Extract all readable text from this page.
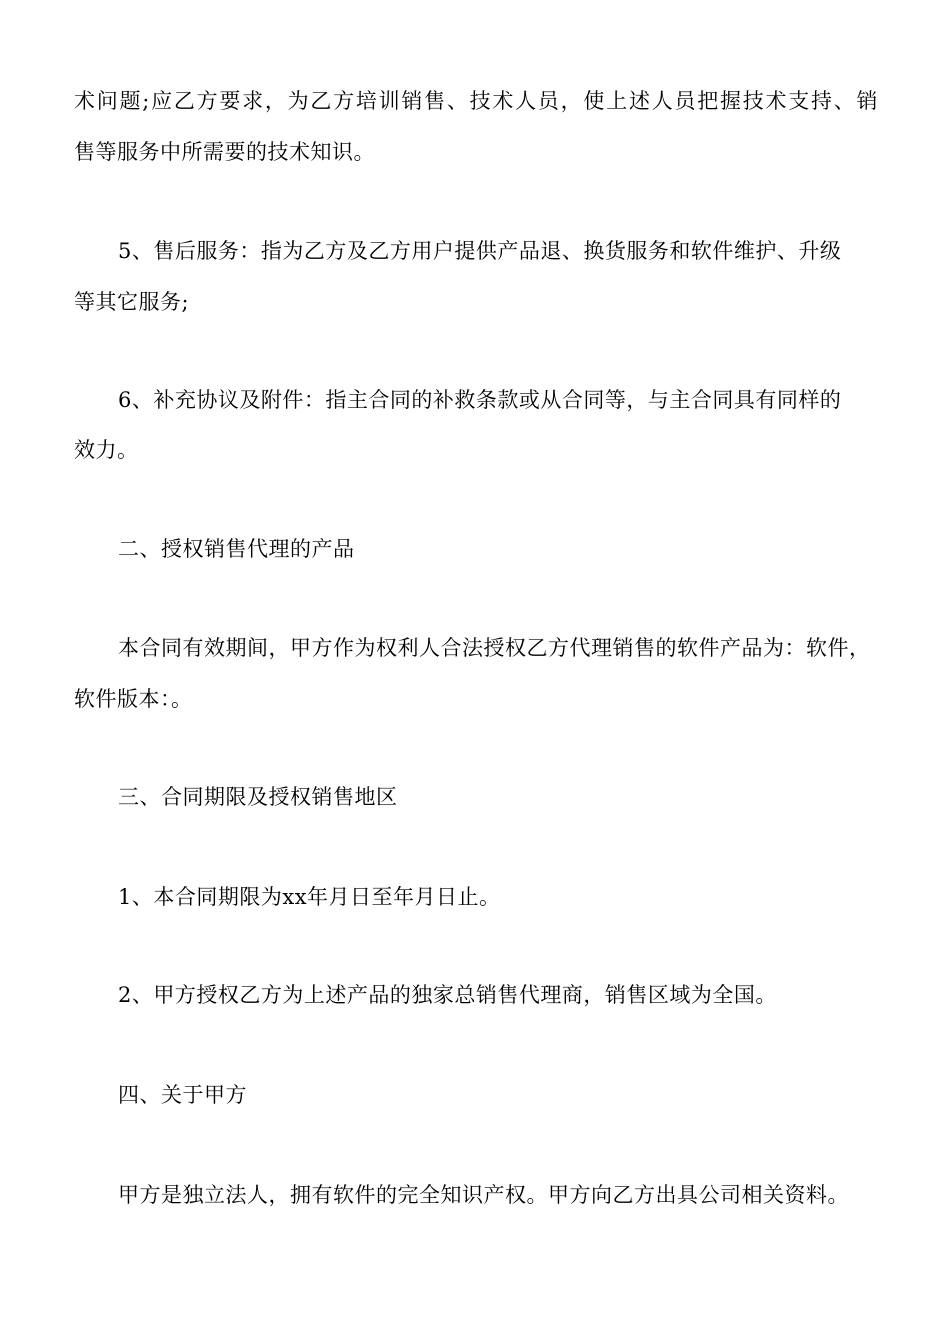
术问题;应乙方要求，为乙方培训销售、技术人员，使上述人员把握技术支持、销

售等服务中所需要的技术知识。

5、售后服务：指为乙方及乙方用户提供产品退、换货服务和软件维护、升级

等其它服务;

6、补充协议及附件：指主合同的补救条款或从合同等，与主合同具有同样的

效力。

二、授权销售代理的产品

本合同有效期间，甲方作为权利人合法授权乙方代理销售的软件产品为：软件，

软件版本：。

三、合同期限及授权销售地区

1、本合同期限为xx年月日至年月日止。

2、甲方授权乙方为上述产品的独家总销售代理商，销售区域为全国。

四、关于甲方

甲方是独立法人，拥有软件的完全知识产权。甲方向乙方出具公司相关资料。
